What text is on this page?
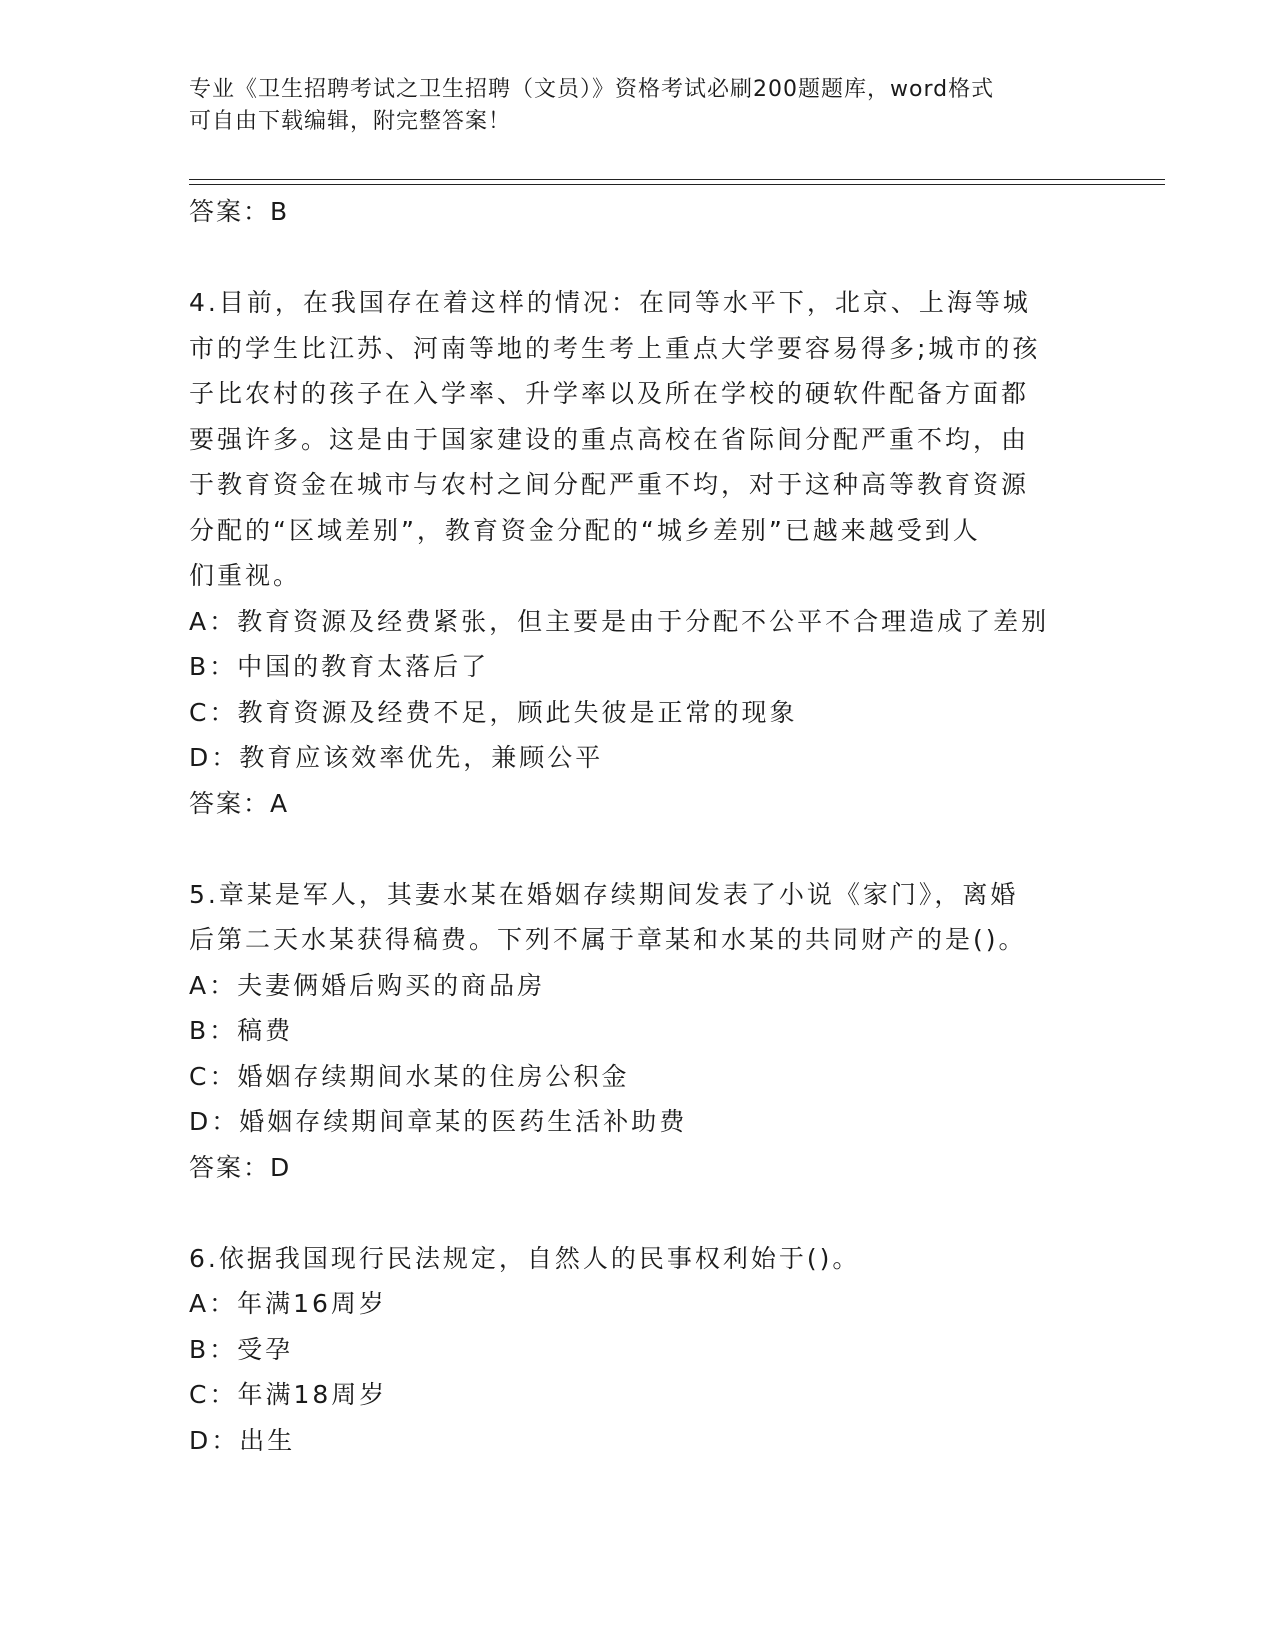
专业《卫生招聘考试之卫生招聘（文员）》资格考试必刷200题题库，word格式
可自由下载编辑，附完整答案！
答案：B
4.目前，在我国存在着这样的情况：在同等水平下，北京、上海等城
市的学生比江苏、河南等地的考生考上重点大学要容易得多;城市的孩
子比农村的孩子在入学率、升学率以及所在学校的硬软件配备方面都
要强许多。这是由于国家建设的重点高校在省际间分配严重不均，由
于教育资金在城市与农村之间分配严重不均，对于这种高等教育资源
分配的“区域差别”，教育资金分配的“城乡差别”已越来越受到人
们重视。
A：教育资源及经费紧张，但主要是由于分配不公平不合理造成了差别
B：中国的教育太落后了
C：教育资源及经费不足，顾此失彼是正常的现象
D：教育应该效率优先，兼顾公平
答案：A
5.章某是军人，其妻水某在婚姻存续期间发表了小说《家门》，离婚
后第二天水某获得稿费。下列不属于章某和水某的共同财产的是()。
A：夫妻俩婚后购买的商品房
B：稿费
C：婚姻存续期间水某的住房公积金
D：婚姻存续期间章某的医药生活补助费
答案：D
6.依据我国现行民法规定，自然人的民事权利始于()。
A：年满16周岁
B：受孕
C：年满18周岁
D：出生
